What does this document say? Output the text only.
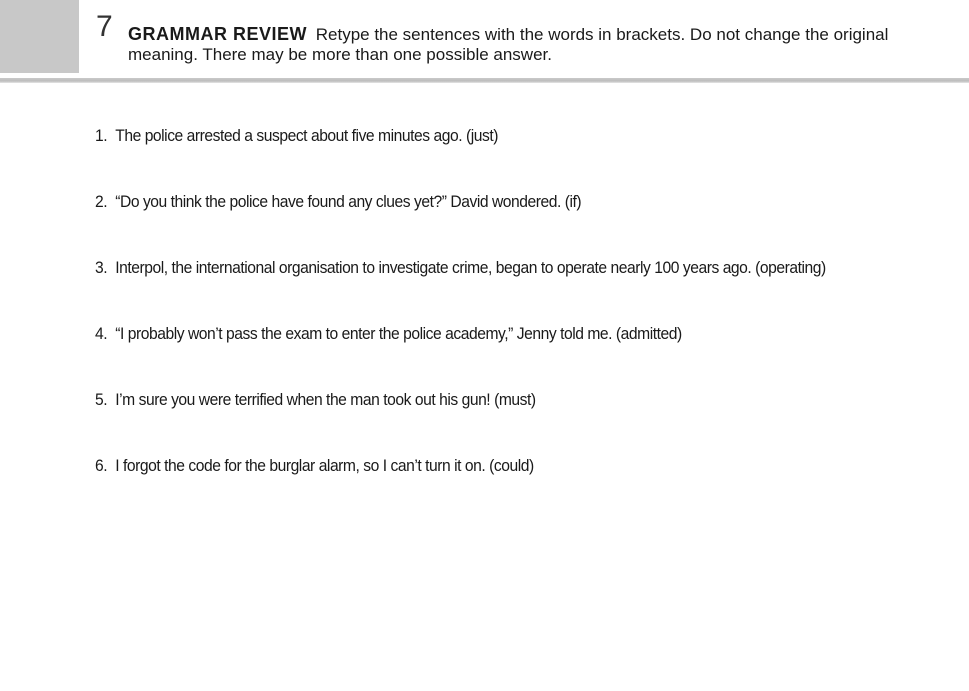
7 GRAMMAR REVIEW Retype the sentences with the words in brackets. Do not change the original meaning. There may be more than one possible answer.
1. The police arrested a suspect about five minutes ago. (just)
2. “Do you think the police have found any clues yet?” David wondered. (if)
3. Interpol, the international organisation to investigate crime, began to operate nearly 100 years ago. (operating)
4. “I probably won’t pass the exam to enter the police academy,” Jenny told me. (admitted)
5. I’m sure you were terrified when the man took out his gun! (must)
6. I forgot the code for the burglar alarm, so I can’t turn it on. (could)
